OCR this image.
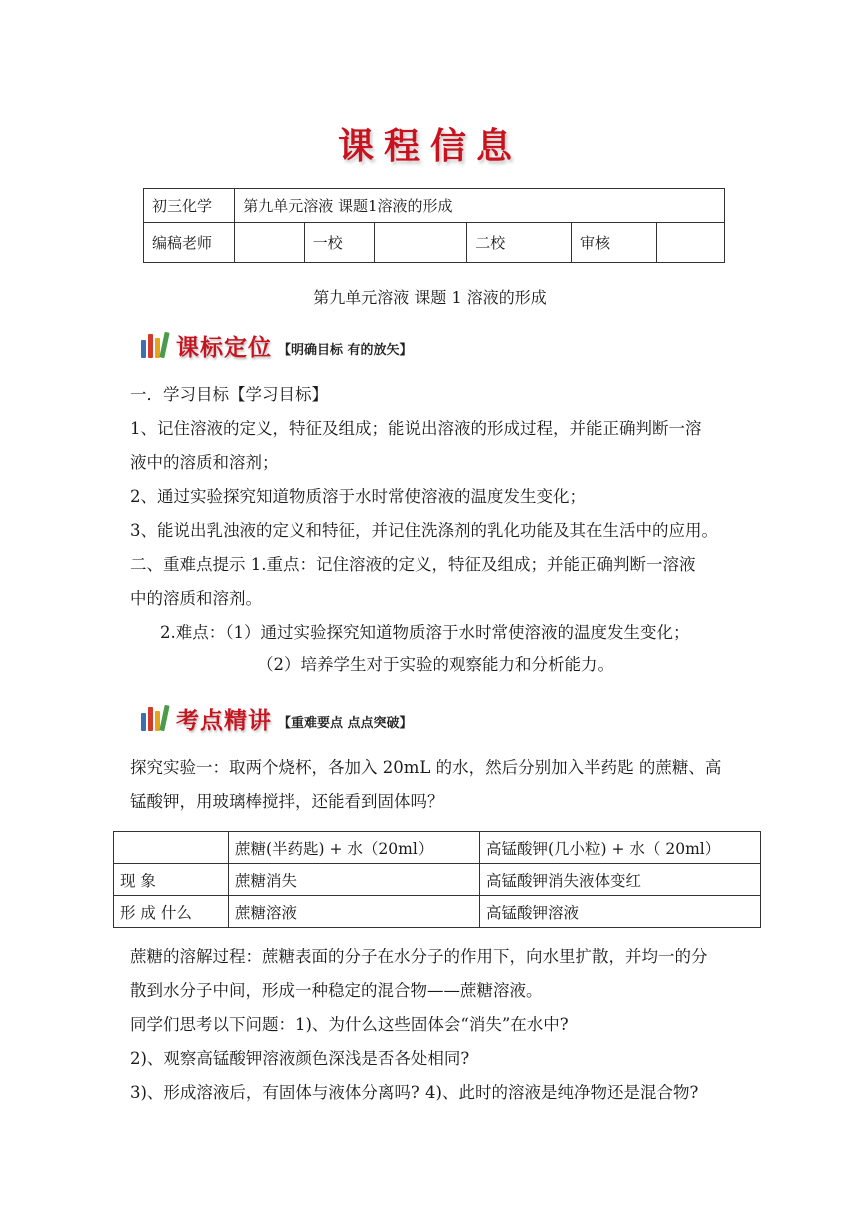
课程信息
初三化学	第九单元溶液 课题1溶液的形成					
编稿老师		一校		二校	审核	
第九单元溶液 课题 1 溶液的形成
课标定位 【明确目标 有的放矢】
一．学习目标【学习目标】
1、记住溶液的定义，特征及组成；能说出溶液的形成过程，并能正确判断一溶
液中的溶质和溶剂；
2、通过实验探究知道物质溶于水时常使溶液的温度发生变化；
3、能说出乳浊液的定义和特征，并记住洗涤剂的乳化功能及其在生活中的应用。
二、重难点提示 1.重点：记住溶液的定义，特征及组成；并能正确判断一溶液
中的溶质和溶剂。
2.难点：（1）通过实验探究知道物质溶于水时常使溶液的温度发生变化；
（2）培养学生对于实验的观察能力和分析能力。
考点精讲 【重难要点 点点突破】
探究实验一：取两个烧杯，各加入 20mL 的水，然后分别加入半药匙 的蔗糖、高
锰酸钾，用玻璃棒搅拌，还能看到固体吗？
	蔗糖(半药匙) + 水（20ml）	高锰酸钾(几小粒) + 水（ 20ml）
现 象	蔗糖消失	高锰酸钾消失液体变红
形 成 什么	蔗糖溶液	高锰酸钾溶液
蔗糖的溶解过程：蔗糖表面的分子在水分子的作用下，向水里扩散，并均一的分
散到水分子中间，形成一种稳定的混合物——蔗糖溶液。
同学们思考以下问题：1)、为什么这些固体会“消失”在水中?
2)、观察高锰酸钾溶液颜色深浅是否各处相同?
3)、形成溶液后，有固体与液体分离吗? 4)、此时的溶液是纯净物还是混合物?
